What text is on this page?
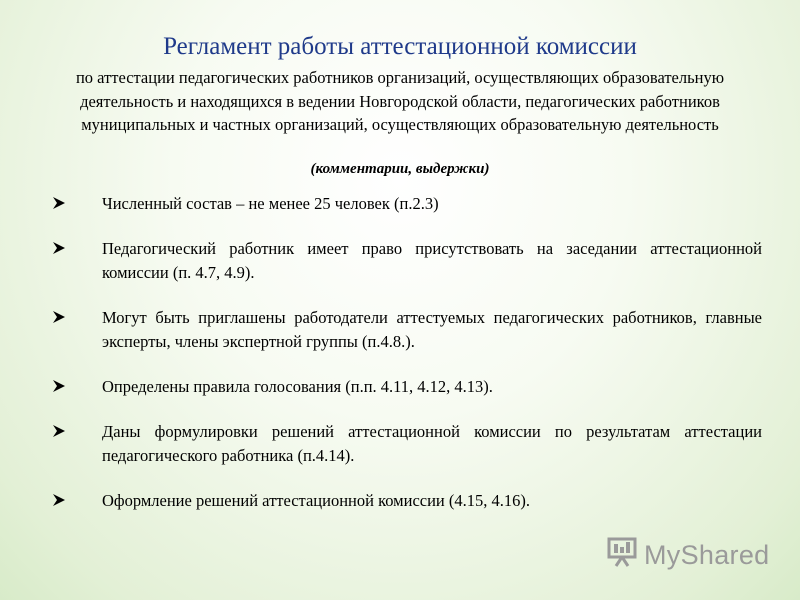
Регламент работы аттестационной комиссии
по аттестации педагогических работников организаций, осуществляющих образовательную деятельность и находящихся в ведении Новгородской области, педагогических работников муниципальных и частных организаций, осуществляющих образовательную деятельность
(комментарии, выдержки)
Численный состав – не менее 25 человек (п.2.3)
Педагогический работник имеет право присутствовать на заседании аттестационной комиссии (п. 4.7, 4.9).
Могут быть приглашены работодатели аттестуемых педагогических работников, главные эксперты, члены экспертной группы (п.4.8.).
Определены правила голосования (п.п. 4.11, 4.12, 4.13).
Даны формулировки решений аттестационной комиссии по результатам аттестации педагогического работника (п.4.14).
Оформление решений аттестационной комиссии (4.15, 4.16).
MyShared
